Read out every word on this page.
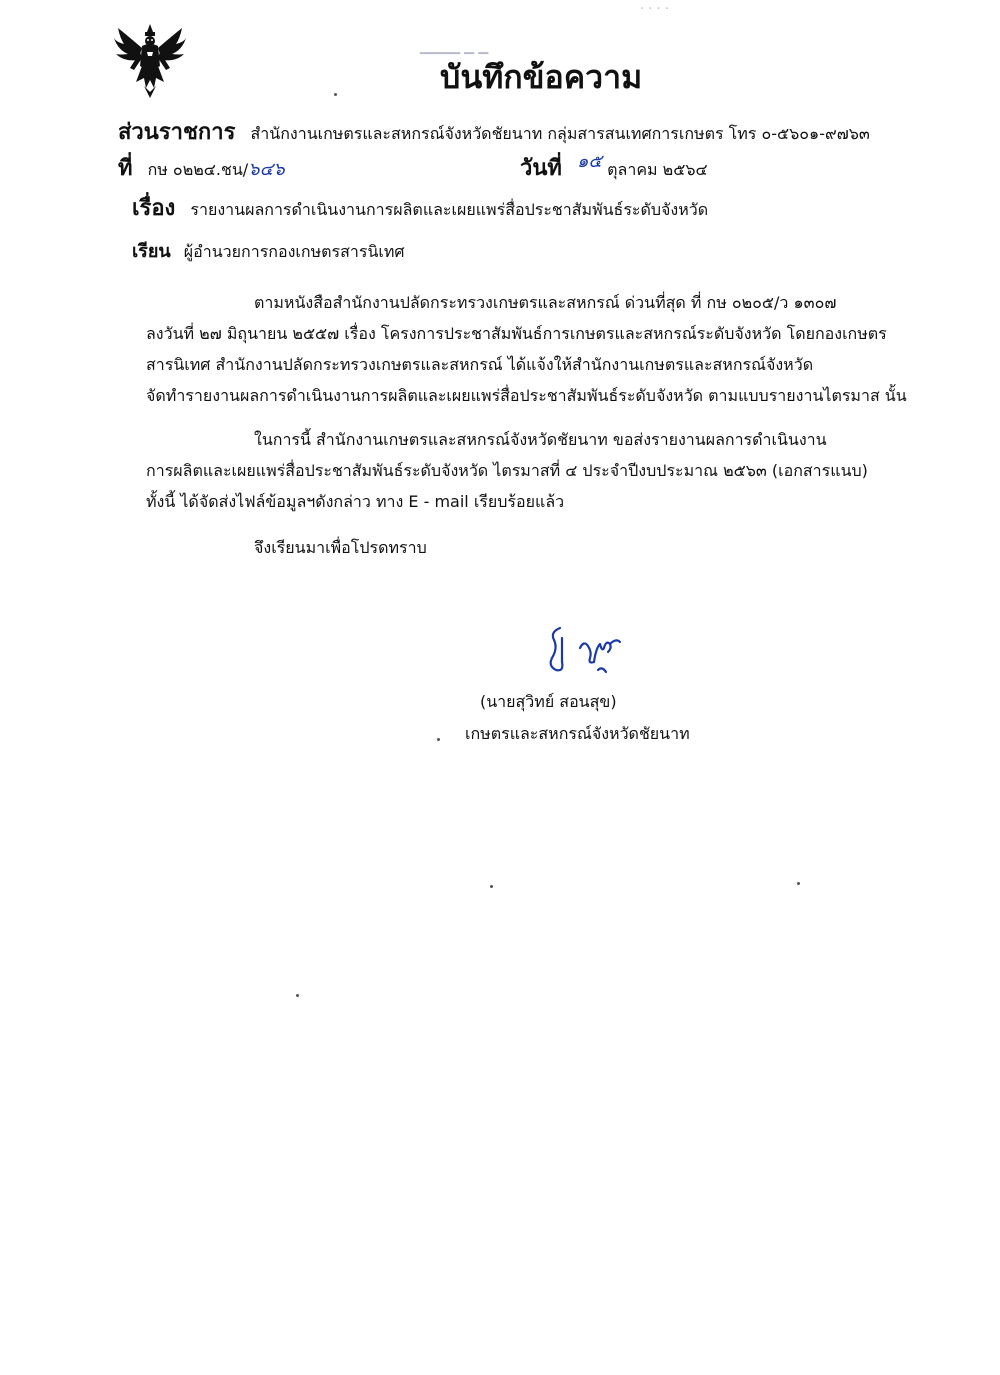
▁▁▁▁ ▁ ▁
· · · ·
บันทึกข้อความ
ส่วนราชการ สำนักงานเกษตรและสหกรณ์จังหวัดชัยนาท กลุ่มสารสนเทศการเกษตร โทร ๐-๕๖๐๑-๙๗๖๓
ที่ กษ ๐๒๒๔.ชน/๖๔๖	วันที่ ๑๕ ตุลาคม ๒๕๖๔
เรื่อง รายงานผลการดำเนินงานการผลิตและเผยแพร่สื่อประชาสัมพันธ์ระดับจังหวัด
เรียน ผู้อำนวยการกองเกษตรสารนิเทศ

ตามหนังสือสำนักงานปลัดกระทรวงเกษตรและสหกรณ์ ด่วนที่สุด ที่ กษ ๐๒๐๕/ว ๑๓๐๗

ลงวันที่ ๒๗ มิถุนายน ๒๕๕๗ เรื่อง โครงการประชาสัมพันธ์การเกษตรและสหกรณ์ระดับจังหวัด โดยกองเกษตร

สารนิเทศ สำนักงานปลัดกระทรวงเกษตรและสหกรณ์ ได้แจ้งให้สำนักงานเกษตรและสหกรณ์จังหวัด

จัดทำรายงานผลการดำเนินงานการผลิตและเผยแพร่สื่อประชาสัมพันธ์ระดับจังหวัด ตามแบบรายงานไตรมาส นั้น

ในการนี้ สำนักงานเกษตรและสหกรณ์จังหวัดชัยนาท ขอส่งรายงานผลการดำเนินงาน

การผลิตและเผยแพร่สื่อประชาสัมพันธ์ระดับจังหวัด ไตรมาสที่ ๔ ประจำปีงบประมาณ ๒๕๖๓ (เอกสารแนบ)

ทั้งนี้ ได้จัดส่งไฟล์ข้อมูลฯดังกล่าว ทาง E - mail เรียบร้อยแล้ว

จึงเรียนมาเพื่อโปรดทราบ

(นายสุวิทย์ สอนสุข)
เกษตรและสหกรณ์จังหวัดชัยนาท
